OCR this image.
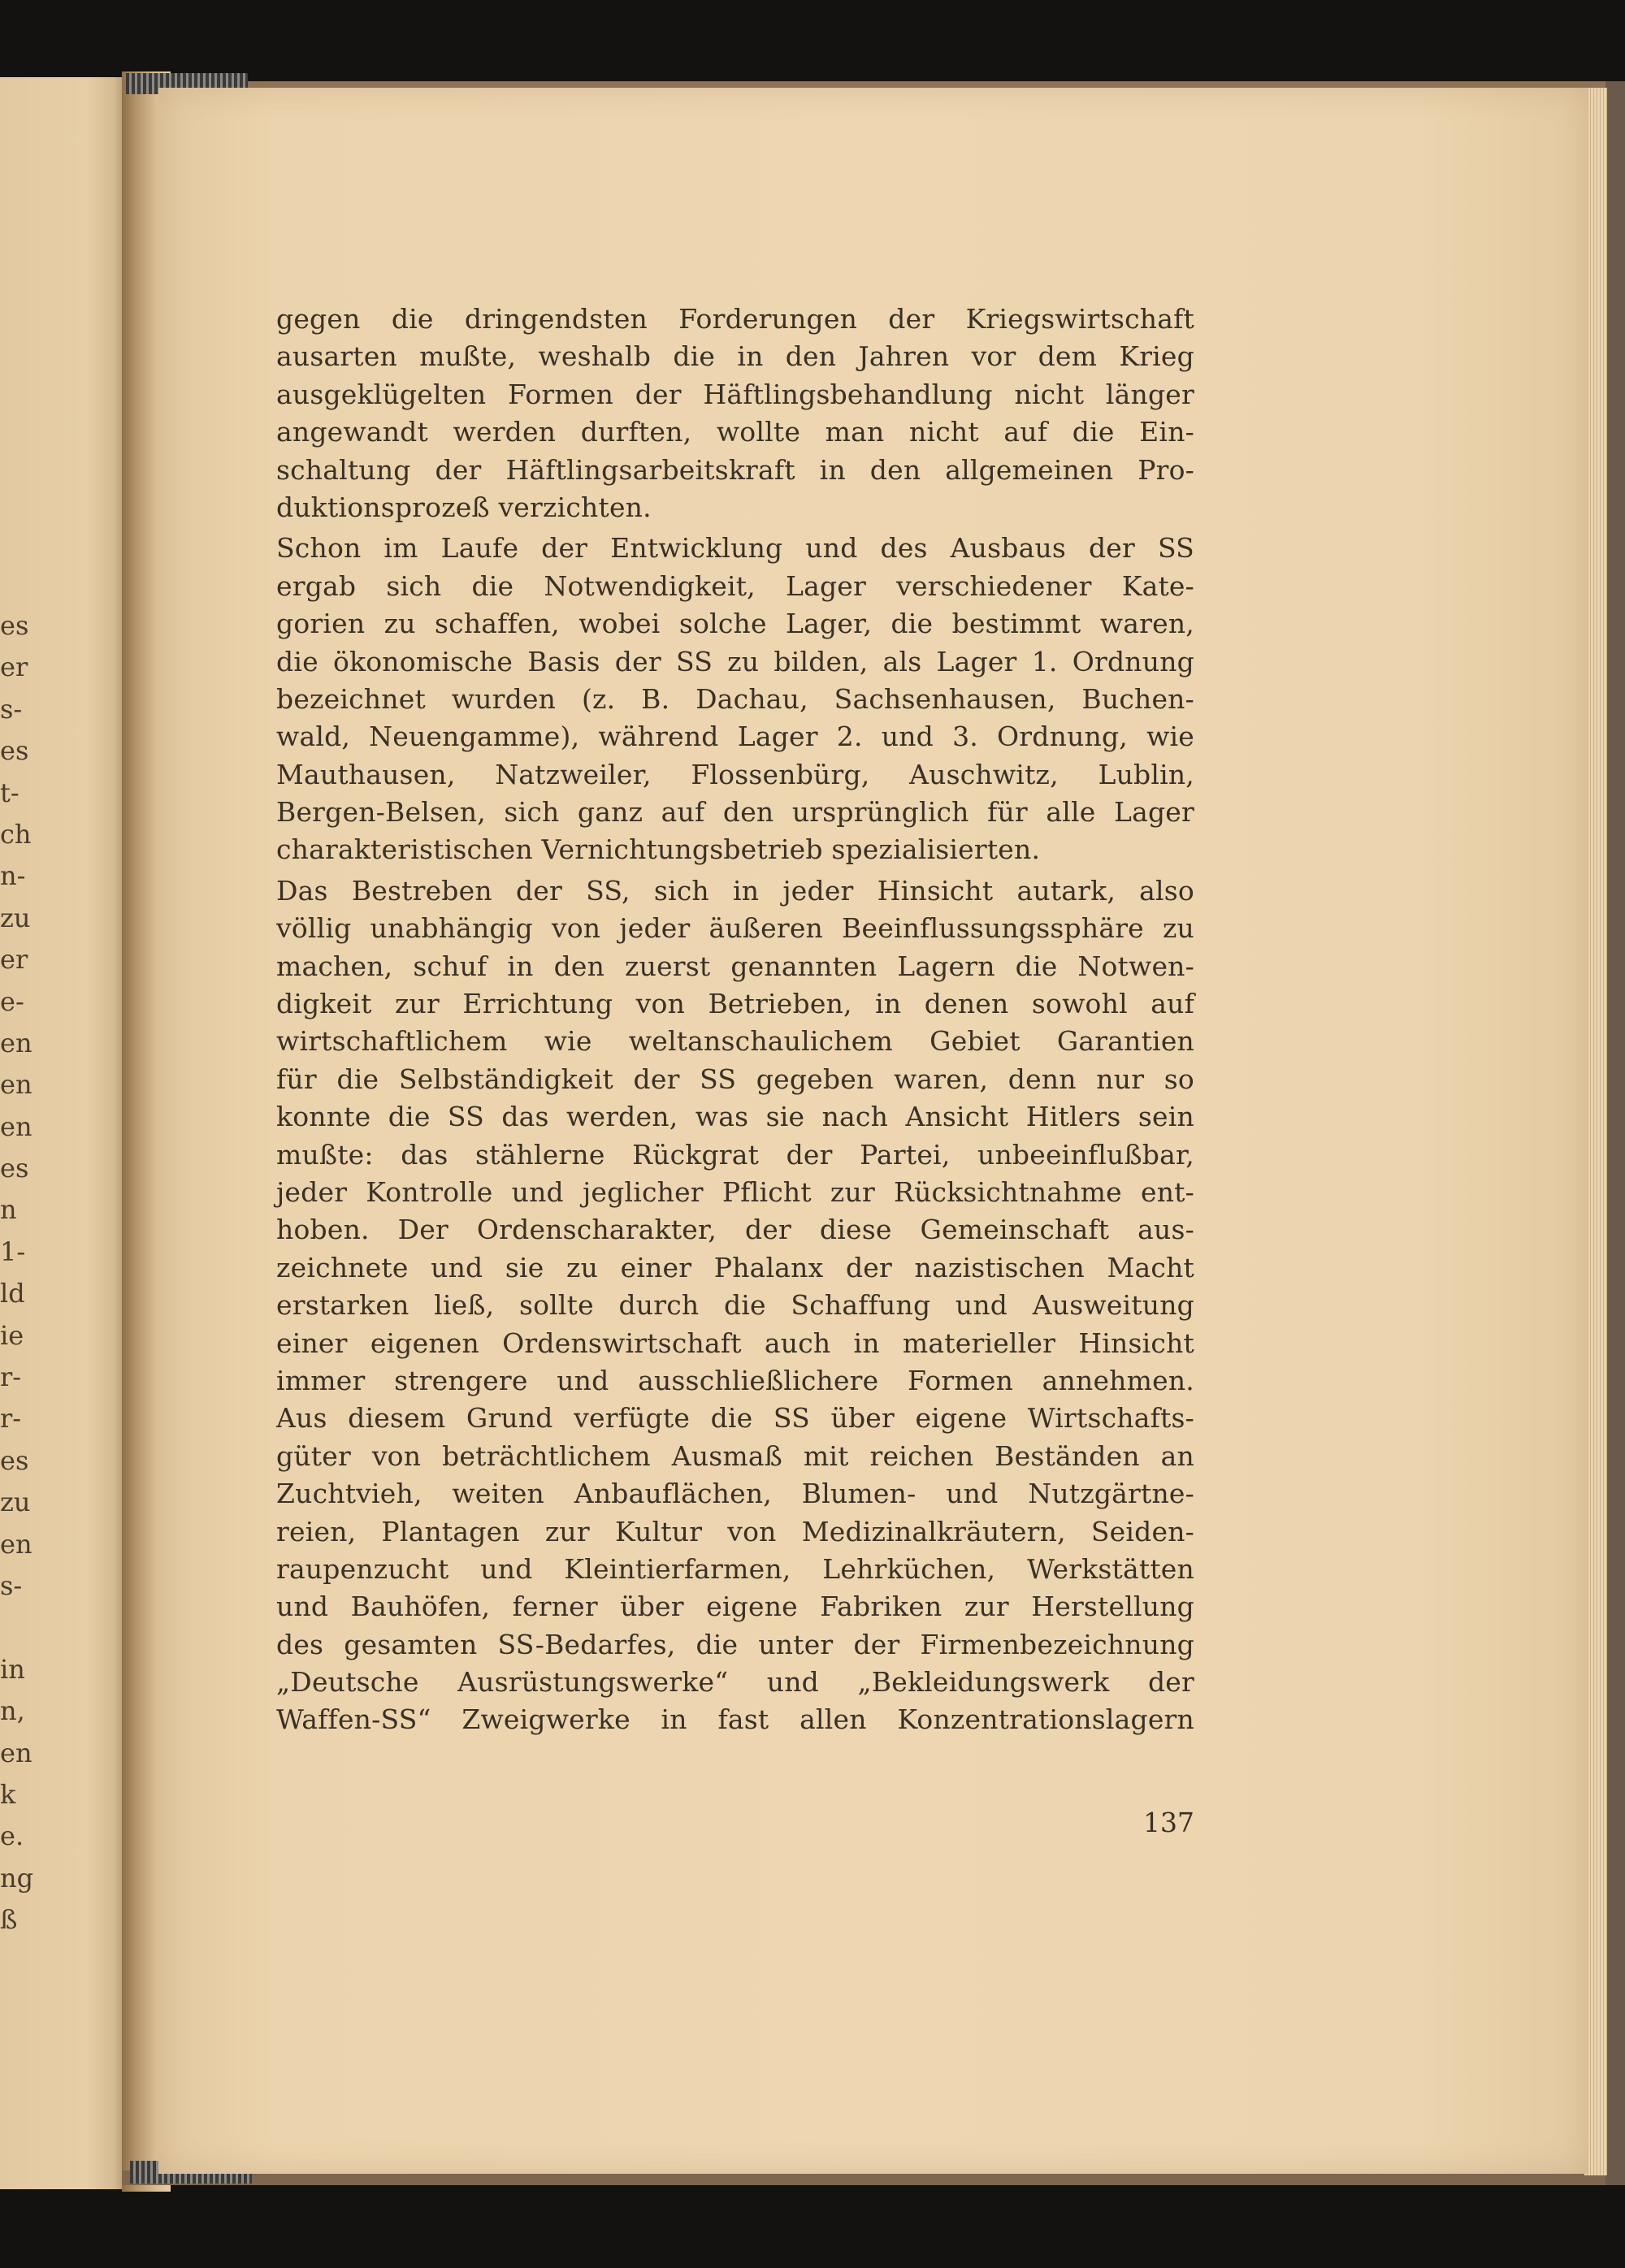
es
er
s-
es
t-
ch
n-
zu
er
e-
en
en
en
es
n
1-
ld
ie
r-
r-
es
zu
en
s-
in
n,
en
k
e.
ng
ß
gegen die dringendsten Forderungen der Kriegswirtschaft
ausarten mußte, weshalb die in den Jahren vor dem Krieg
ausgeklügelten Formen der Häftlingsbehandlung nicht länger
angewandt werden durften, wollte man nicht auf die Ein-
schaltung der Häftlingsarbeitskraft in den allgemeinen Pro-
duktionsprozeß verzichten.
Schon im Laufe der Entwicklung und des Ausbaus der SS
ergab sich die Notwendigkeit, Lager verschiedener Kate-
gorien zu schaffen, wobei solche Lager, die bestimmt waren,
die ökonomische Basis der SS zu bilden, als Lager 1. Ordnung
bezeichnet wurden (z. B. Dachau, Sachsenhausen, Buchen-
wald, Neuengamme), während Lager 2. und 3. Ordnung, wie
Mauthausen, Natzweiler, Flossenbürg, Auschwitz, Lublin,
Bergen-Belsen, sich ganz auf den ursprünglich für alle Lager
charakteristischen Vernichtungsbetrieb spezialisierten.
Das Bestreben der SS, sich in jeder Hinsicht autark, also
völlig unabhängig von jeder äußeren Beeinflussungssphäre zu
machen, schuf in den zuerst genannten Lagern die Notwen-
digkeit zur Errichtung von Betrieben, in denen sowohl auf
wirtschaftlichem wie weltanschaulichem Gebiet Garantien
für die Selbständigkeit der SS gegeben waren, denn nur so
konnte die SS das werden, was sie nach Ansicht Hitlers sein
mußte: das stählerne Rückgrat der Partei, unbeeinflußbar,
jeder Kontrolle und jeglicher Pflicht zur Rücksichtnahme ent-
hoben. Der Ordenscharakter, der diese Gemeinschaft aus-
zeichnete und sie zu einer Phalanx der nazistischen Macht
erstarken ließ, sollte durch die Schaffung und Ausweitung
einer eigenen Ordenswirtschaft auch in materieller Hinsicht
immer strengere und ausschließlichere Formen annehmen.
Aus diesem Grund verfügte die SS über eigene Wirtschafts-
güter von beträchtlichem Ausmaß mit reichen Beständen an
Zuchtvieh, weiten Anbauflächen, Blumen- und Nutzgärtne-
reien, Plantagen zur Kultur von Medizinalkräutern, Seiden-
raupenzucht und Kleintierfarmen, Lehrküchen, Werkstätten
und Bauhöfen, ferner über eigene Fabriken zur Herstellung
des gesamten SS-Bedarfes, die unter der Firmenbezeichnung
„Deutsche Ausrüstungswerke“ und „Bekleidungswerk der
Waffen-SS“ Zweigwerke in fast allen Konzentrationslagern
137
